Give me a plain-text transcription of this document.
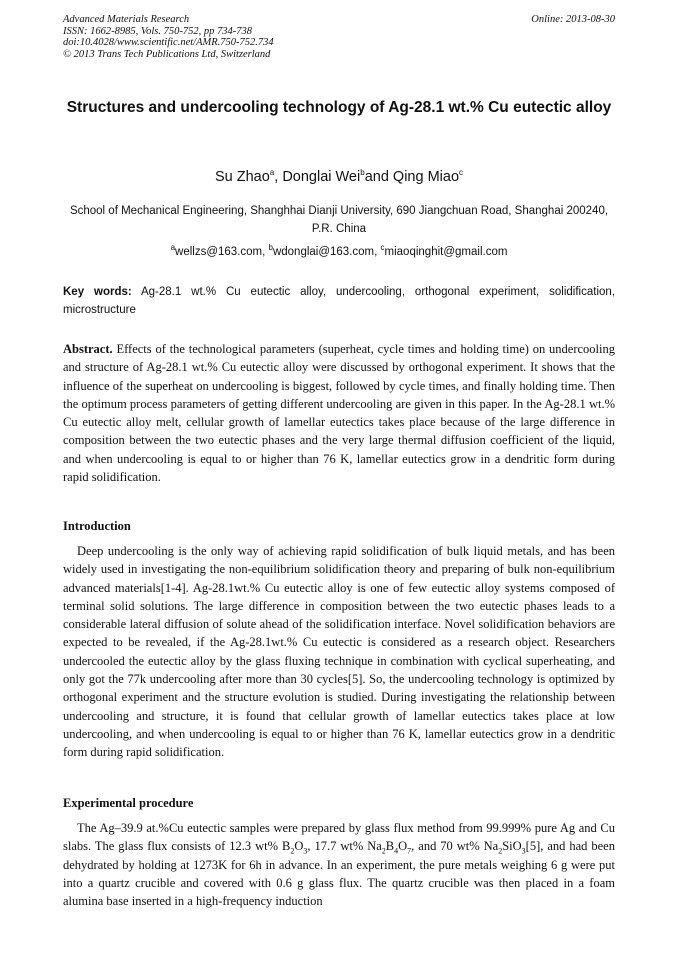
Advanced Materials Research
ISSN: 1662-8985, Vols. 750-752, pp 734-738
doi:10.4028/www.scientific.net/AMR.750-752.734
© 2013 Trans Tech Publications Ltd, Switzerland
Online: 2013-08-30
Structures and undercooling technology of Ag-28.1 wt.% Cu eutectic alloy
Su Zhao$^a$, Donglai Wei$^b$and Qing Miao$^c$
School of Mechanical Engineering, Shanghhai Dianji University, 690 Jiangchuan Road, Shanghai 200240, P.R. China
$^a$wellzs@163.com, $^b$wdonglai@163.com, $^c$miaoqinghit@gmail.com
Key words: Ag-28.1 wt.% Cu eutectic alloy, undercooling, orthogonal experiment, solidification, microstructure
Abstract. Effects of the technological parameters (superheat, cycle times and holding time) on undercooling and structure of Ag-28.1 wt.% Cu eutectic alloy were discussed by orthogonal experiment. It shows that the influence of the superheat on undercooling is biggest, followed by cycle times, and finally holding time. Then the optimum process parameters of getting different undercooling are given in this paper. In the Ag-28.1 wt.% Cu eutectic alloy melt, cellular growth of lamellar eutectics takes place because of the large difference in composition between the two eutectic phases and the very large thermal diffusion coefficient of the liquid, and when undercooling is equal to or higher than 76 K, lamellar eutectics grow in a dendritic form during rapid solidification.
Introduction
Deep undercooling is the only way of achieving rapid solidification of bulk liquid metals, and has been widely used in investigating the non-equilibrium solidification theory and preparing of bulk non-equilibrium advanced materials[1-4]. Ag-28.1wt.% Cu eutectic alloy is one of few eutectic alloy systems composed of terminal solid solutions. The large difference in composition between the two eutectic phases leads to a considerable lateral diffusion of solute ahead of the solidification interface. Novel solidification behaviors are expected to be revealed, if the Ag-28.1wt.% Cu eutectic is considered as a research object. Researchers undercooled the eutectic alloy by the glass fluxing technique in combination with cyclical superheating, and only got the 77k undercooling after more than 30 cycles[5]. So, the undercooling technology is optimized by orthogonal experiment and the structure evolution is studied. During investigating the relationship between undercooling and structure, it is found that cellular growth of lamellar eutectics takes place at low undercooling, and when undercooling is equal to or higher than 76 K, lamellar eutectics grow in a dendritic form during rapid solidification.
Experimental procedure
The Ag–39.9 at.%Cu eutectic samples were prepared by glass flux method from 99.999% pure Ag and Cu slabs. The glass flux consists of 12.3 wt% $B_2O_3$, 17.7 wt% $Na_2B_4O_7$, and 70 wt% $Na_2SiO_3[5]$, and had been dehydrated by holding at 1273K for 6h in advance. In an experiment, the pure metals weighing 6 g were put into a quartz crucible and covered with 0.6 g glass flux. The quartz crucible was then placed in a foam alumina base inserted in a high-frequency induction
